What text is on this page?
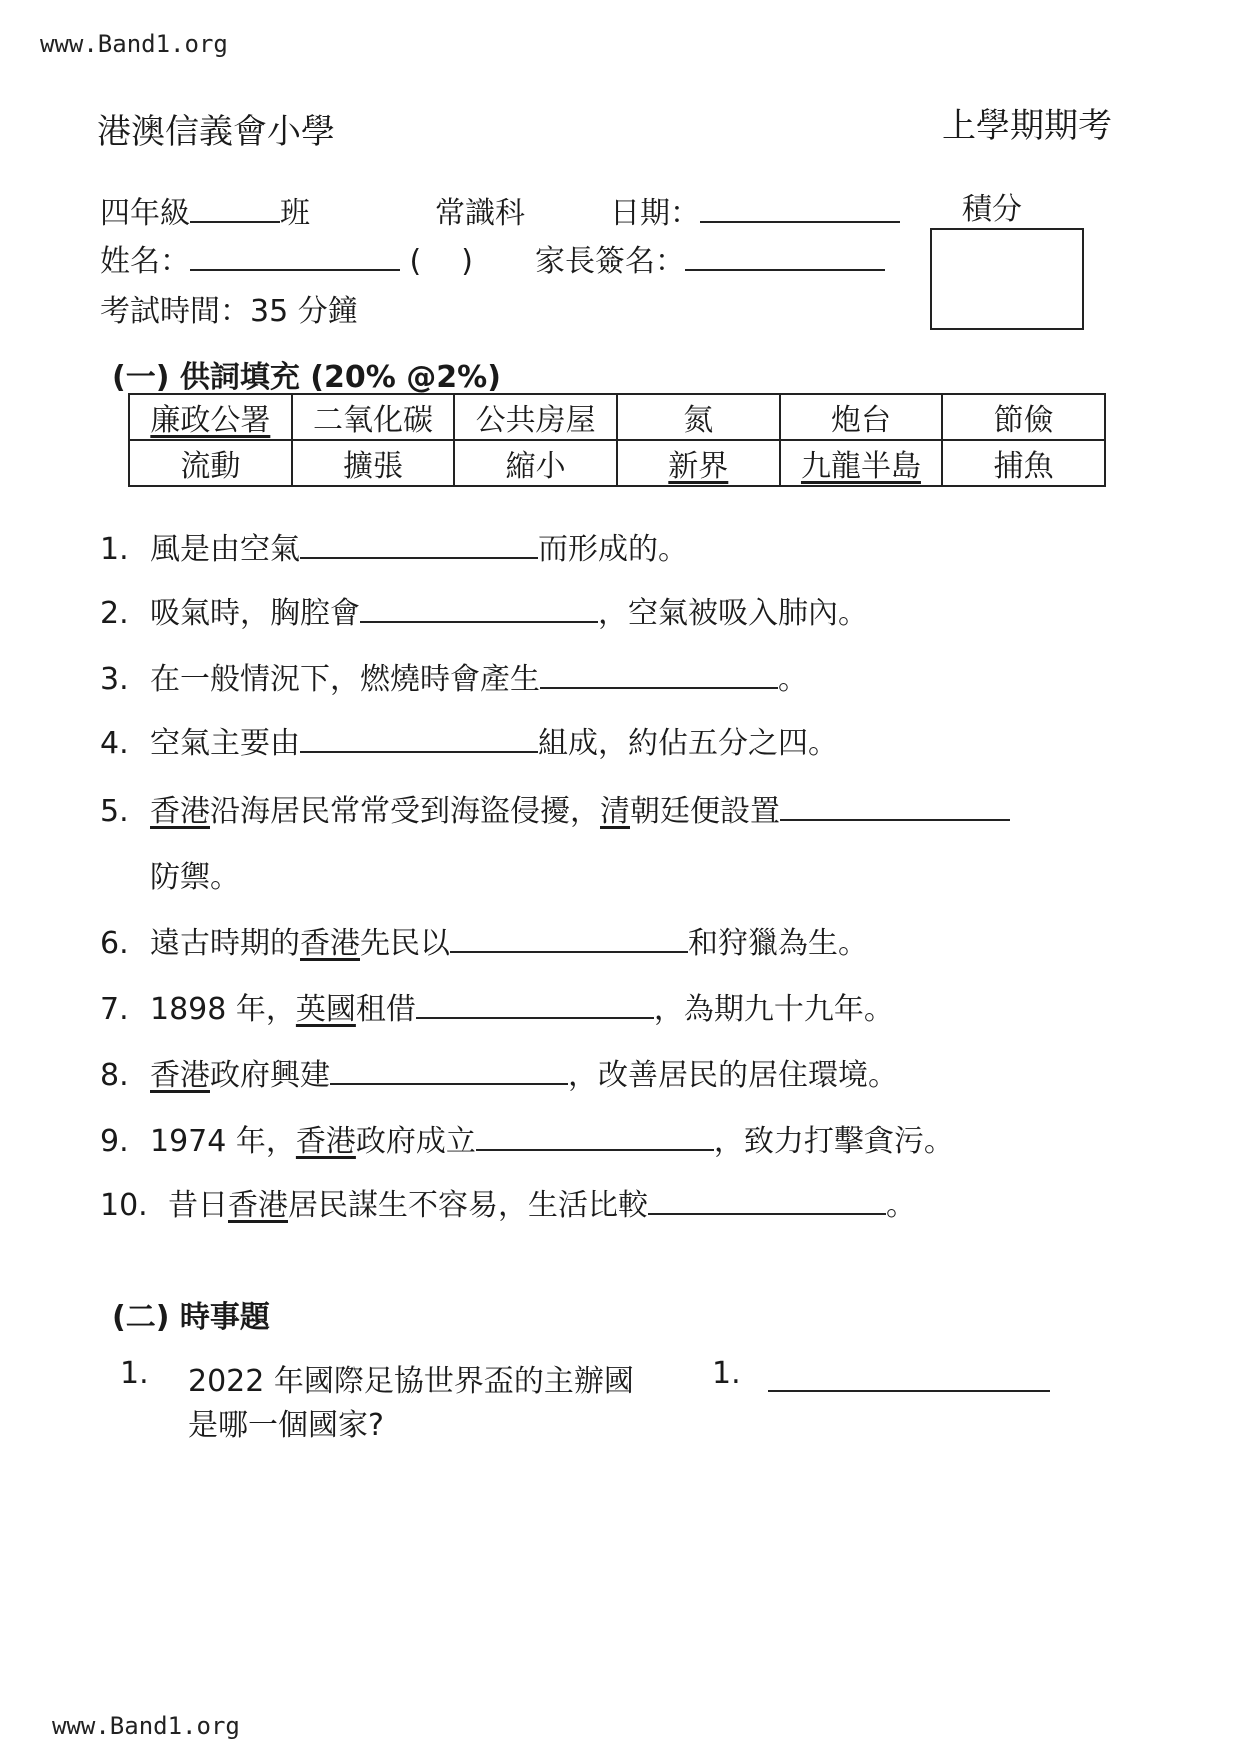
www.Band1.org
www.Band1.org
港澳信義會小學	上學期期考
四年級	班	常識科	日期：	積分
姓名：	( ) 家長簽名：
考試時間：35 分鐘
(一) 供詞填充 (20% @2%)
廉政公署	二氧化碳	公共房屋	氮	炮台	節儉
流動	擴張	縮小	新界	九龍半島	捕魚
1. 風是由空氣	而形成的。
2. 吸氣時，胸腔會	，空氣被吸入肺內。
3. 在一般情況下，燃燒時會產生	。
4. 空氣主要由	組成，約佔五分之四。
5. 香港沿海居民常常受到海盜侵擾，清朝廷便設置
防禦。
6. 遠古時期的香港先民以	和狩獵為生。
7. 1898 年，英國租借	，為期九十九年。
8. 香港政府興建	，改善居民的居住環境。
9. 1974 年，香港政府成立	，致力打擊貪污。
10. 昔日香港居民謀生不容易，生活比較	。
(二) 時事題
1. 2022 年國際足協世界盃的主辦國
是哪一個國家?
1.
